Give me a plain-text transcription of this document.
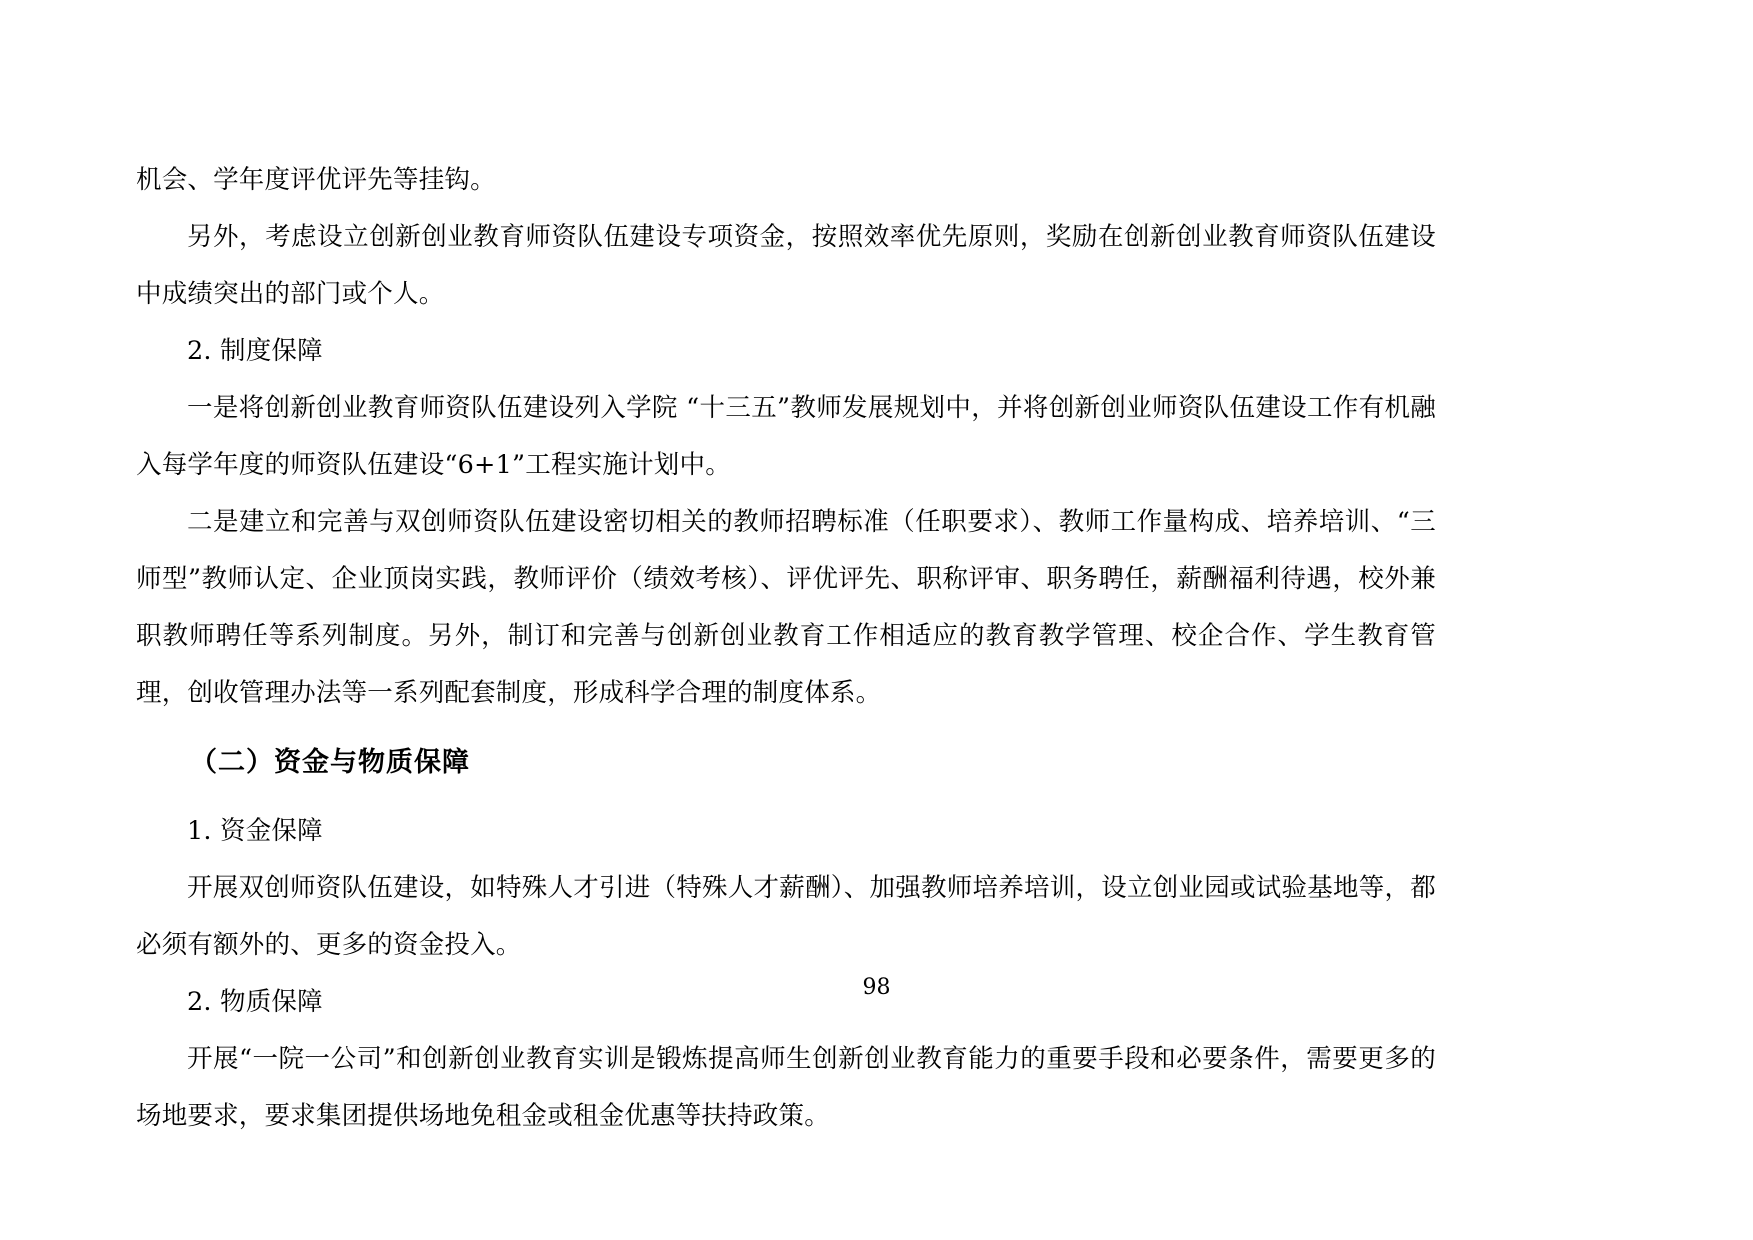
机会、学年度评优评先等挂钩。

另外，考虑设立创新创业教育师资队伍建设专项资金，按照效率优先原则，奖励在创新创业教育师资队伍建设中成绩突出的部门或个人。

2. 制度保障

一是将创新创业教育师资队伍建设列入学院 “十三五”教师发展规划中，并将创新创业师资队伍建设工作有机融入每学年度的师资队伍建设“6+1”工程实施计划中。

二是建立和完善与双创师资队伍建设密切相关的教师招聘标准（任职要求）、教师工作量构成、培养培训、“三师型”教师认定、企业顶岗实践，教师评价（绩效考核）、评优评先、职称评审、职务聘任，薪酬福利待遇，校外兼职教师聘任等系列制度。另外，制订和完善与创新创业教育工作相适应的教育教学管理、校企合作、学生教育管理，创收管理办法等一系列配套制度，形成科学合理的制度体系。

（二）资金与物质保障

1. 资金保障

开展双创师资队伍建设，如特殊人才引进（特殊人才薪酬）、加强教师培养培训，设立创业园或试验基地等，都必须有额外的、更多的资金投入。

2. 物质保障

开展“一院一公司”和创新创业教育实训是锻炼提高师生创新创业教育能力的重要手段和必要条件，需要更多的场地要求，要求集团提供场地免租金或租金优惠等扶持政策。

98
